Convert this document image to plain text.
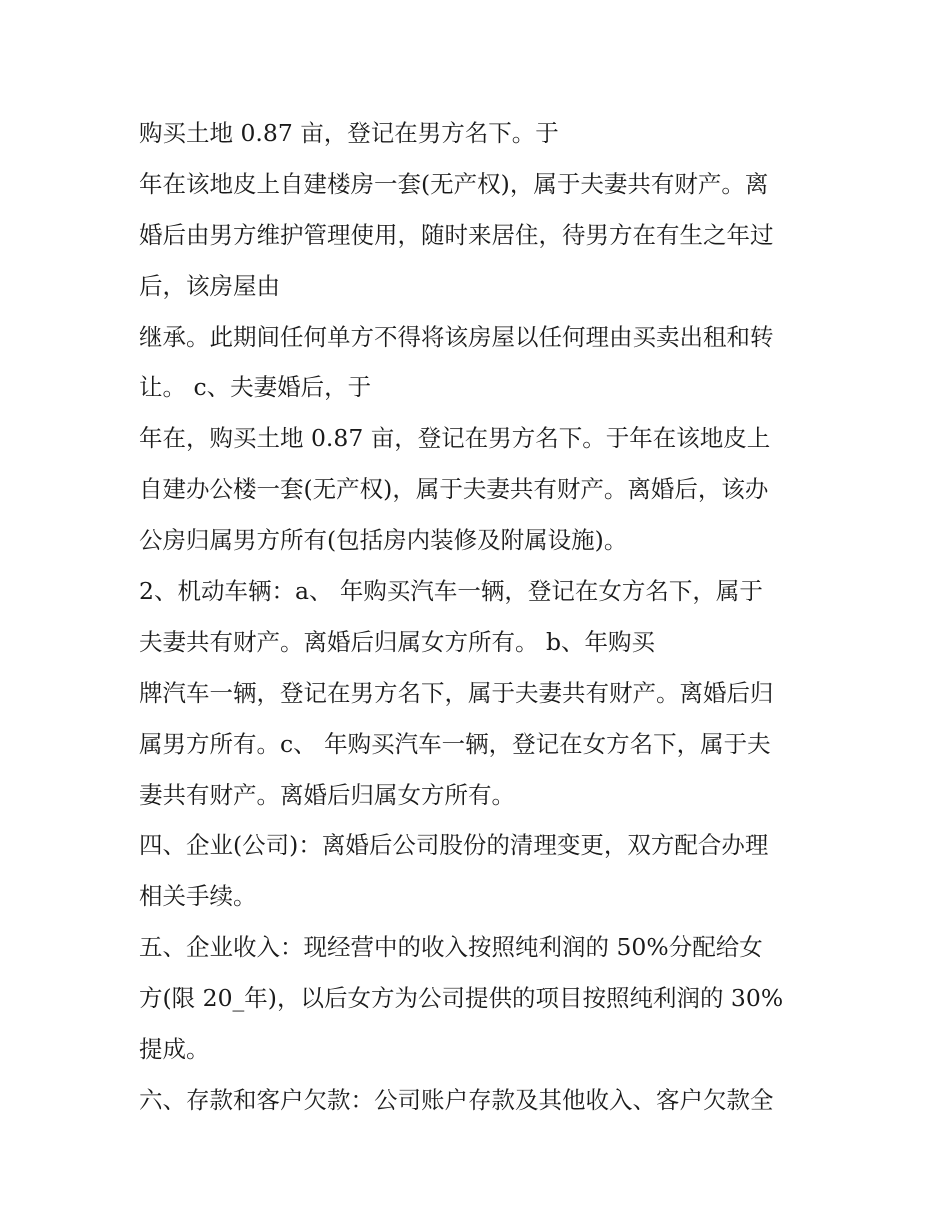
购买土地 0.87 亩，登记在男方名下。于
年在该地皮上自建楼房一套(无产权)，属于夫妻共有财产。离
婚后由男方维护管理使用，随时来居住，待男方在有生之年过
后，该房屋由
继承。此期间任何单方不得将该房屋以任何理由买卖出租和转
让。 c、夫妻婚后，于
年在，购买土地 0.87 亩，登记在男方名下。于年在该地皮上
自建办公楼一套(无产权)，属于夫妻共有财产。离婚后，该办
公房归属男方所有(包括房内装修及附属设施)。
2、机动车辆：a、 年购买汽车一辆，登记在女方名下，属于
夫妻共有财产。离婚后归属女方所有。 b、年购买
牌汽车一辆，登记在男方名下，属于夫妻共有财产。离婚后归
属男方所有。c、 年购买汽车一辆，登记在女方名下，属于夫
妻共有财产。离婚后归属女方所有。
四、企业(公司)：离婚后公司股份的清理变更，双方配合办理
相关手续。
五、企业收入：现经营中的收入按照纯利润的 50%分配给女
方(限 20_年)，以后女方为公司提供的项目按照纯利润的 30%
提成。
六、存款和客户欠款：公司账户存款及其他收入、客户欠款全
